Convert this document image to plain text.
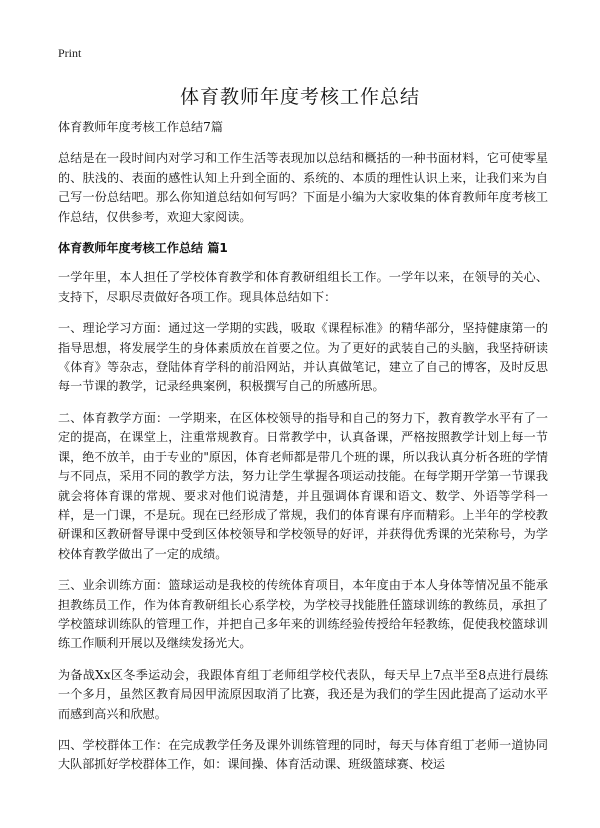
Print
体育教师年度考核工作总结

体育教师年度考核工作总结7篇

总结是在一段时间内对学习和工作生活等表现加以总结和概括的一种书面材料，它可使零星的、肤浅的、表面的感性认知上升到全面的、系统的、本质的理性认识上来，让我们来为自己写一份总结吧。那么你知道总结如何写吗？下面是小编为大家收集的体育教师年度考核工作总结，仅供参考，欢迎大家阅读。

体育教师年度考核工作总结 篇1

一学年里，本人担任了学校体育教学和体育教研组组长工作。一学年以来，在领导的关心、支持下，尽职尽责做好各项工作。现具体总结如下：

一、理论学习方面：通过这一学期的实践，吸取《课程标准》的精华部分，坚持健康第一的指导思想，将发展学生的身体素质放在首要之位。为了更好的武装自己的头脑，我坚持研读《体育》等杂志，登陆体育学科的前沿网站，并认真做笔记，建立了自己的博客，及时反思每一节课的教学，记录经典案例，积极撰写自己的所感所思。

二、体育教学方面：一学期来，在区体校领导的指导和自己的努力下，教育教学水平有了一定的提高，在课堂上，注重常规教育。日常教学中，认真备课，严格按照教学计划上每一节课，绝不放羊，由于专业的"原因，体育老师都是带几个班的课，所以我认真分析各班的学情与不同点，采用不同的教学方法，努力让学生掌握各项运动技能。在每学期开学第一节课我就会将体育课的常规、要求对他们说清楚，并且强调体育课和语文、数学、外语等学科一样，是一门课，不是玩。现在已经形成了常规，我们的体育课有序而精彩。上半年的学校教研课和区教研督导课中受到区体校领导和学校领导的好评，并获得优秀课的光荣称号，为学校体育教学做出了一定的成绩。

三、业余训练方面：篮球运动是我校的传统体育项目，本年度由于本人身体等情况虽不能承担教练员工作，作为体育教研组长心系学校，为学校寻找能胜任篮球训练的教练员，承担了学校篮球训练队的管理工作，并把自己多年来的训练经验传授给年轻教练，促使我校篮球训练工作顺利开展以及继续发扬光大。

为备战Xx区冬季运动会，我跟体育组丁老师组学校代表队，每天早上7点半至8点进行晨练一个多月，虽然区教育局因甲流原因取消了比赛，我还是为我们的学生因此提高了运动水平而感到高兴和欣慰。

四、学校群体工作：在完成教学任务及课外训练管理的同时，每天与体育组丁老师一道协同大队部抓好学校群体工作，如：课间操、体育活动课、班级篮球赛、校运
